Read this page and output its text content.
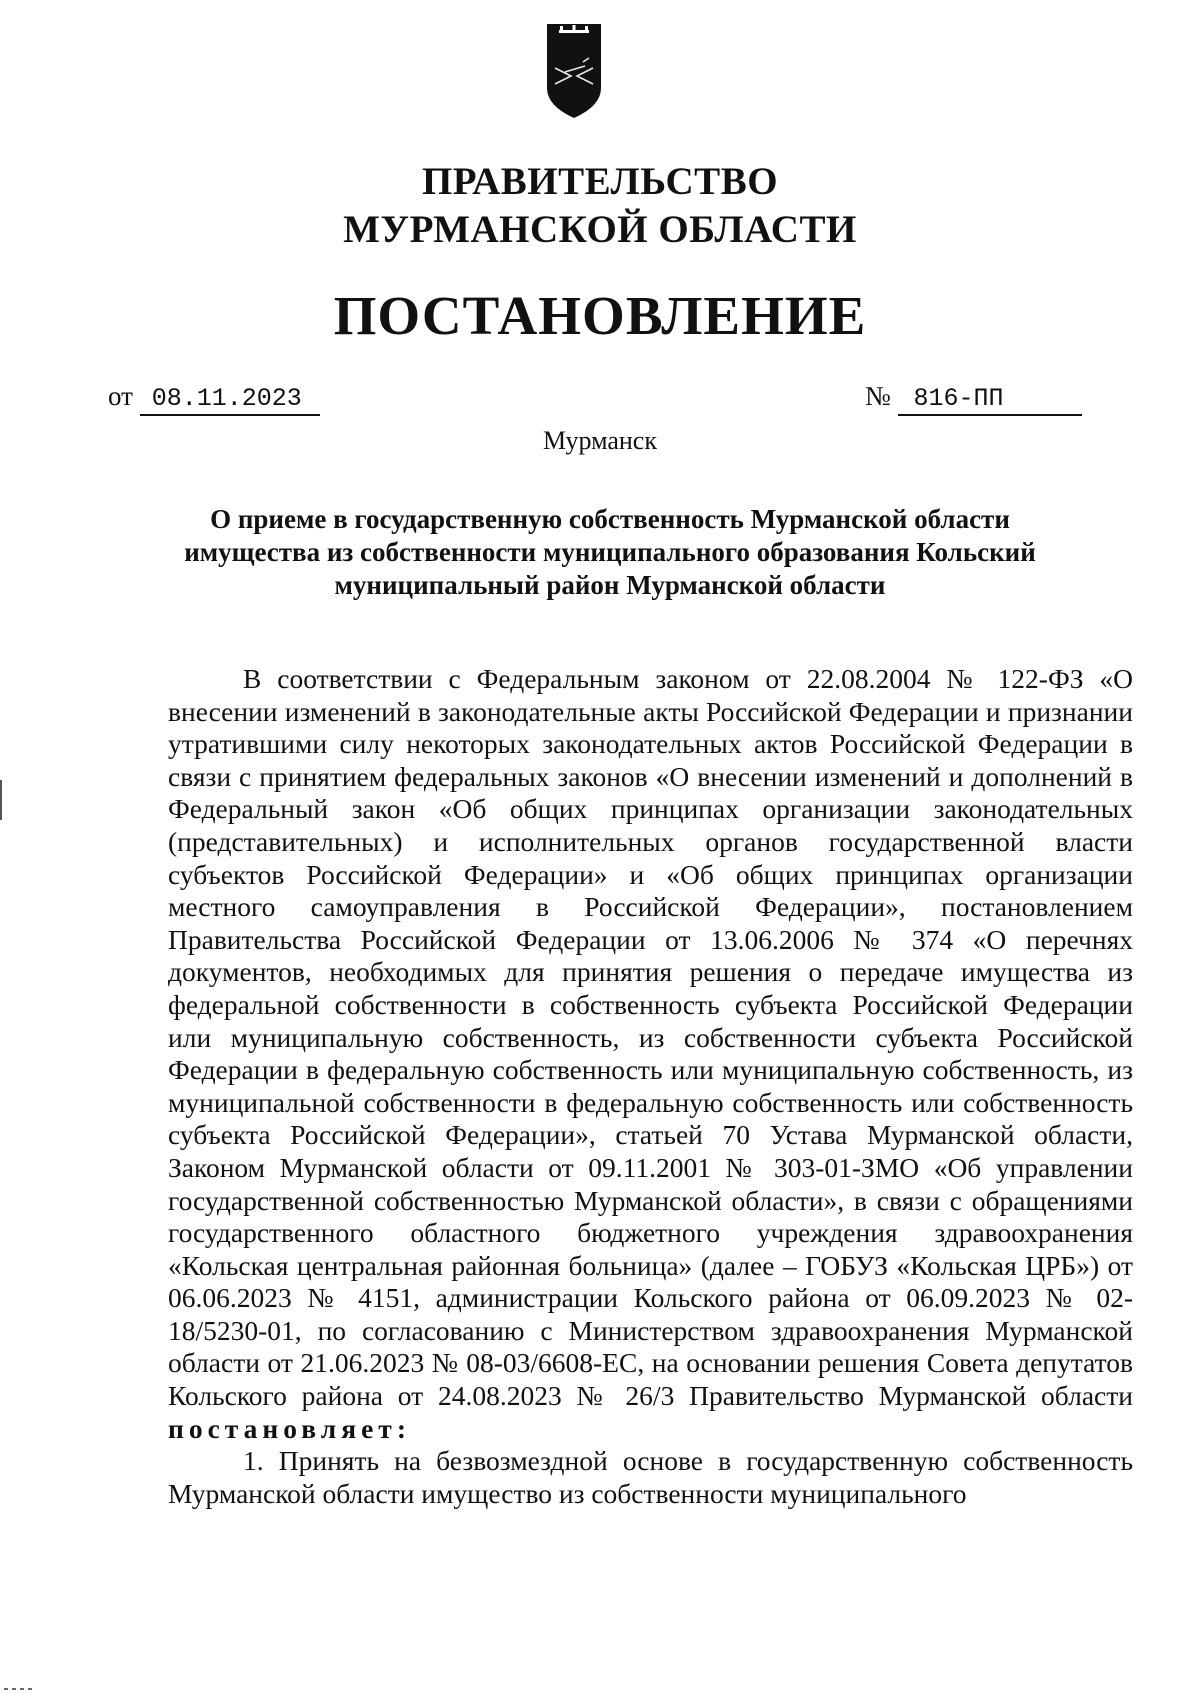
ПРАВИТЕЛЬСТВО
МУРМАНСКОЙ ОБЛАСТИ
ПОСТАНОВЛЕНИЕ
от 08.11.2023	№ 816-ПП
Мурманск
О приеме в государственную собственность Мурманской области
имущества из собственности муниципального образования Кольский
муниципальный район Мурманской области

В соответствии с Федеральным законом от 22.08.2004 № 122-ФЗ «О внесении изменений в законодательные акты Российской Федерации и признании утратившими силу некоторых законодательных актов Российской Федерации в связи с принятием федеральных законов «О внесении изменений и дополнений в Федеральный закон «Об общих принципах организации законодательных (представительных) и исполнительных органов государственной власти субъектов Российской Федерации» и «Об общих принципах организации местного самоуправления в Российской Федерации», постановлением Правительства Российской Федерации от 13.06.2006 № 374 «О перечнях документов, необходимых для принятия решения о передаче имущества из федеральной собственности в собственность субъекта Российской Федерации или муниципальную собственность, из собственности субъекта Российской Федерации в федеральную собственность или муниципальную собственность, из муниципальной собственности в федеральную собственность или собственность субъекта Российской Федерации», статьей 70 Устава Мурманской области, Законом Мурманской области от 09.11.2001 № 303-01-ЗМО «Об управлении государственной собственностью Мурманской области», в связи с обращениями государственного областного бюджетного учреждения здравоохранения «Кольская центральная районная больница» (далее – ГОБУЗ «Кольская ЦРБ») от 06.06.2023 № 4151, администрации Кольского района от 06.09.2023 № 02-18/5230-01, по согласованию с Министерством здравоохранения Мурманской области от 21.06.2023 № 08-03/6608-ЕС, на основании решения Совета депутатов Кольского района от 24.08.2023 № 26/3 Правительство Мурманской области постановляет:

1. Принять на безвозмездной основе в государственную собственность Мурманской области имущество из собственности муниципального
